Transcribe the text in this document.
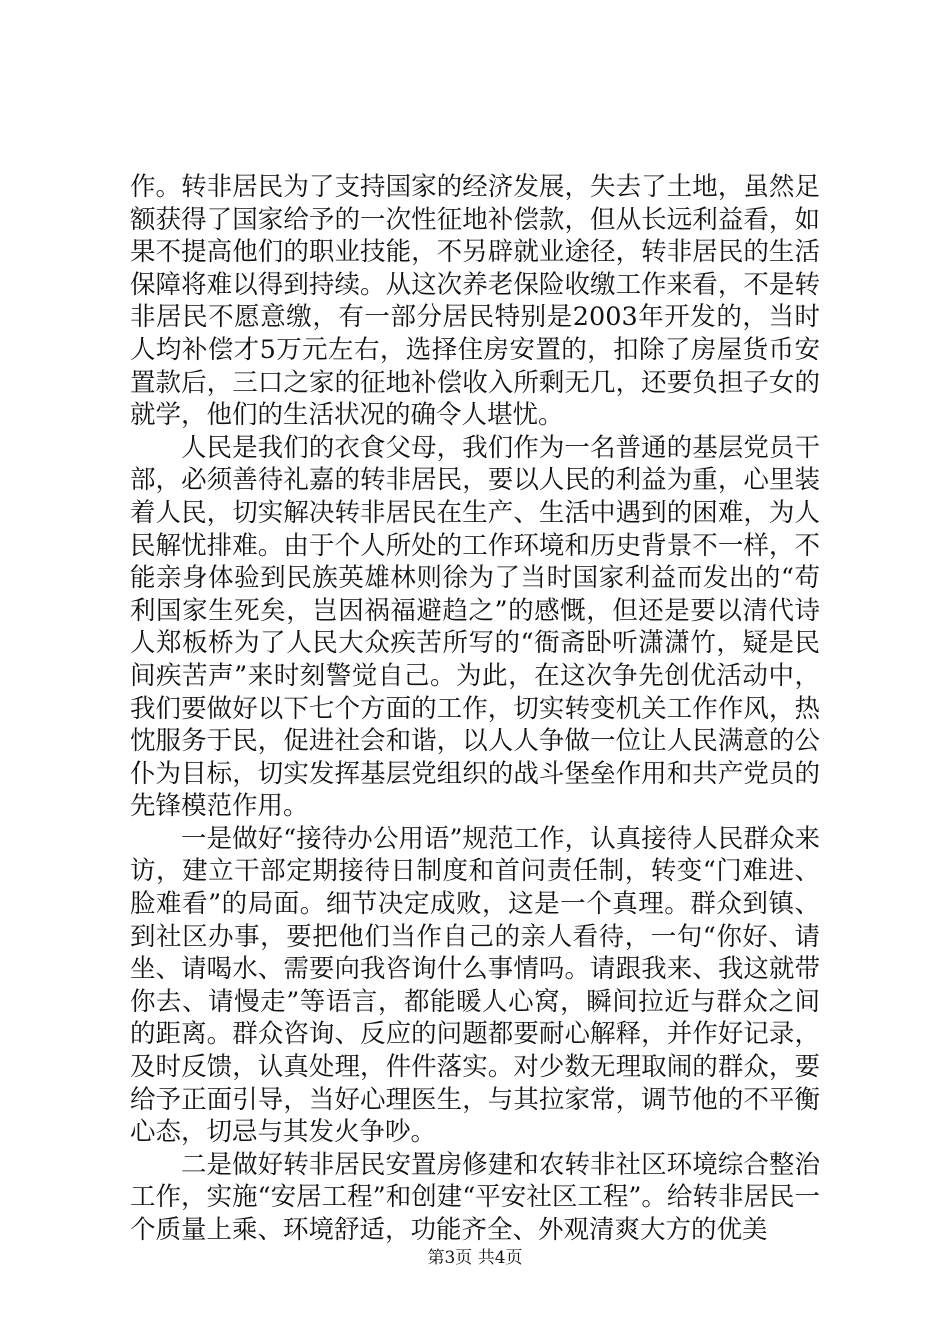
作。转非居民为了支持国家的经济发展，失去了土地，虽然足额获得了国家给予的一次性征地补偿款，但从长远利益看，如果不提高他们的职业技能，不另辟就业途径，转非居民的生活保障将难以得到持续。从这次养老保险收缴工作来看，不是转非居民不愿意缴，有一部分居民特别是2003年开发的，当时人均补偿才5万元左右，选择住房安置的，扣除了房屋货币安置款后，三口之家的征地补偿收入所剩无几，还要负担子女的就学，他们的生活状况的确令人堪忧。

人民是我们的衣食父母，我们作为一名普通的基层党员干部，必须善待礼嘉的转非居民，要以人民的利益为重，心里装着人民，切实解决转非居民在生产、生活中遇到的困难，为人民解忧排难。由于个人所处的工作环境和历史背景不一样，不能亲身体验到民族英雄林则徐为了当时国家利益而发出的“苟利国家生死矣，岂因祸福避趋之”的感慨，但还是要以清代诗人郑板桥为了人民大众疾苦所写的“衙斋卧听潇潇竹，疑是民间疾苦声”来时刻警觉自己。为此，在这次争先创优活动中，我们要做好以下七个方面的工作，切实转变机关工作作风，热忱服务于民，促进社会和谐，以人人争做一位让人民满意的公仆为目标，切实发挥基层党组织的战斗堡垒作用和共产党员的先锋模范作用。

一是做好“接待办公用语”规范工作，认真接待人民群众来访，建立干部定期接待日制度和首问责任制，转变“门难进、脸难看”的局面。细节决定成败，这是一个真理。群众到镇、到社区办事，要把他们当作自己的亲人看待，一句“你好、请坐、请喝水、需要向我咨询什么事情吗。请跟我来、我这就带你去、请慢走”等语言，都能暖人心窝，瞬间拉近与群众之间的距离。群众咨询、反应的问题都要耐心解释，并作好记录，及时反馈，认真处理，件件落实。对少数无理取闹的群众，要给予正面引导，当好心理医生，与其拉家常，调节他的不平衡心态，切忌与其发火争吵。

二是做好转非居民安置房修建和农转非社区环境综合整治工作，实施“安居工程”和创建“平安社区工程”。给转非居民一个质量上乘、环境舒适，功能齐全、外观清爽大方的优美

第3页 共4页
